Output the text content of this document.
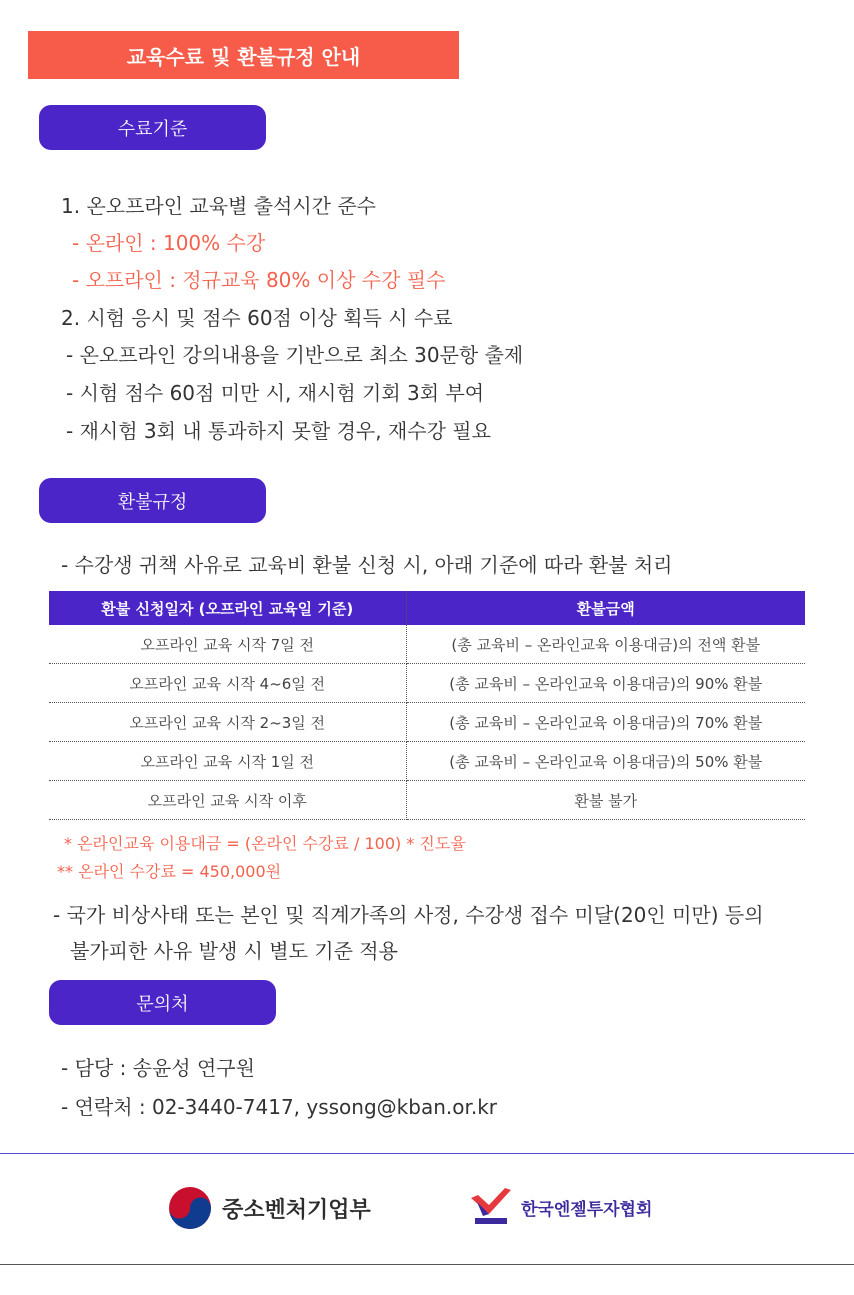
교육수료 및 환불규정 안내
수료기준
1. 온오프라인 교육별 출석시간 준수
- 온라인 : 100% 수강
- 오프라인 : 정규교육 80% 이상 수강 필수
2. 시험 응시 및 점수 60점 이상 획득 시 수료
- 온오프라인 강의내용을 기반으로 최소 30문항 출제
- 시험 점수 60점 미만 시, 재시험 기회 3회 부여
- 재시험 3회 내 통과하지 못할 경우, 재수강 필요
환불규정
- 수강생 귀책 사유로 교육비 환불 신청 시, 아래 기준에 따라 환불 처리
환불 신청일자 (오프라인 교육일 기준)	환불금액
오프라인 교육 시작 7일 전	(총 교육비 – 온라인교육 이용대금)의 전액 환불
오프라인 교육 시작 4~6일 전	(총 교육비 – 온라인교육 이용대금)의 90% 환불
오프라인 교육 시작 2~3일 전	(총 교육비 – 온라인교육 이용대금)의 70% 환불
오프라인 교육 시작 1일 전	(총 교육비 – 온라인교육 이용대금)의 50% 환불
오프라인 교육 시작 이후	환불 불가
* 온라인교육 이용대금 = (온라인 수강료 / 100) * 진도율
** 온라인 수강료 = 450,000원
- 국가 비상사태 또는 본인 및 직계가족의 사정, 수강생 접수 미달(20인 미만) 등의
불가피한 사유 발생 시 별도 기준 적용
문의처
- 담당 : 송윤성 연구원
- 연락처 : 02-3440-7417, yssong@kban.or.kr
중소벤처기업부	한국엔젤투자협회
